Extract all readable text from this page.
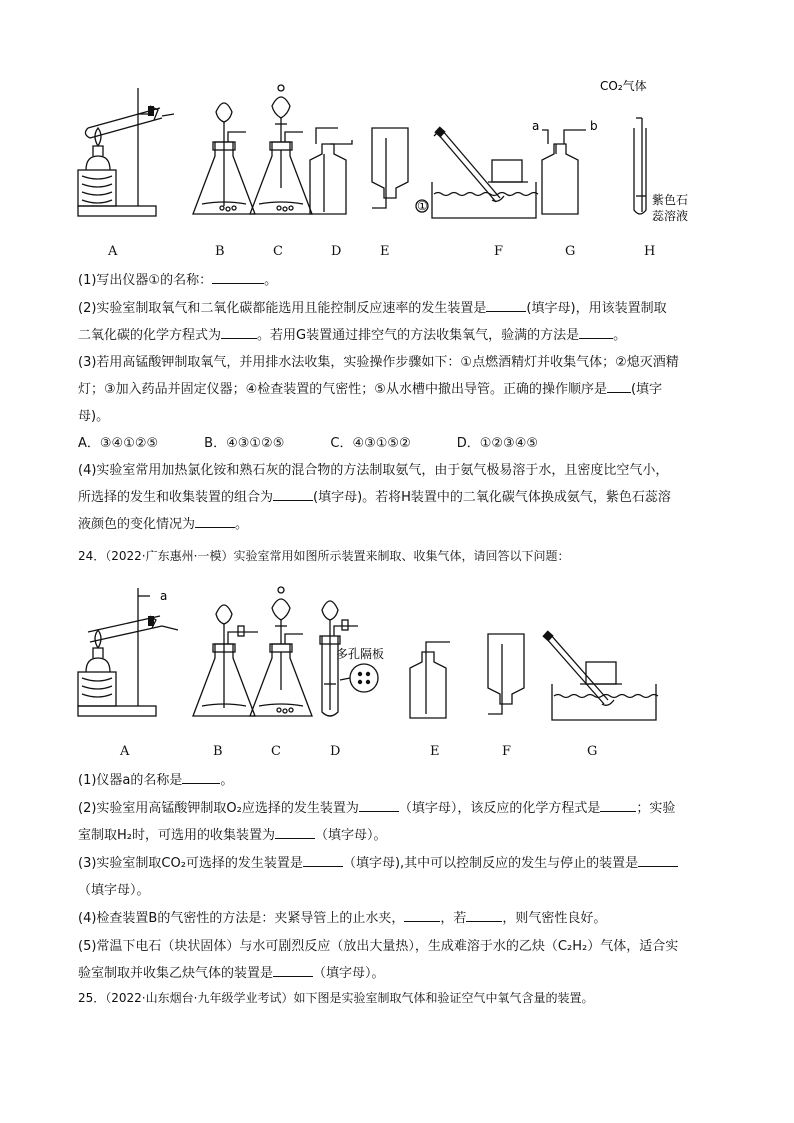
CO₂气体
a	b
紫色石
蕊溶液
①
A	B	C	D	E	F	G	H
(1)写出仪器①的名称：	。
(2)实验室制取氧气和二氧化碳都能选用且能控制反应速率的发生装置是	(填字母)，用该装置制取
二氧化碳的化学方程式为	。若用G装置通过排空气的方法收集氧气，验满的方法是	。
(3)若用高锰酸钾制取氧气，并用排水法收集，实验操作步骤如下：①点燃酒精灯并收集气体；②熄灭酒精
灯；③加入药品并固定仪器；④检查装置的气密性；⑤从水槽中撤出导管。正确的操作顺序是 (填字
母)。
A．③④①②⑤	B．④③①②⑤	C．④③①⑤②	D．①②③④⑤
(4)实验室常用加热氯化铵和熟石灰的混合物的方法制取氨气，由于氨气极易溶于水，且密度比空气小，
所选择的发生和收集装置的组合为	(填字母)。若将H装置中的二氧化碳气体换成氨气，紫色石蕊溶
液颜色的变化情况为	。
24．（2022·广东惠州·一模）实验室常用如图所示装置来制取、收集气体，请回答以下问题：
a
多孔隔板
A	B	C	D	E	F	G
(1)仪器a的名称是	。
(2)实验室用高锰酸钾制取O₂应选择的发生装置为	（填字母），该反应的化学方程式是	；实验
室制取H₂时，可选用的收集装置为	（填字母）。
(3)实验室制取CO₂可选择的发生装置是	（填字母),其中可以控制反应的发生与停止的装置是
（填字母）。
(4)检查装置B的气密性的方法是：夹紧导管上的止水夹，	，若	，则气密性良好。
(5)常温下电石（块状固体）与水可剧烈反应（放出大量热），生成难溶于水的乙炔（C₂H₂）气体，适合实
验室制取并收集乙炔气体的装置是	（填字母）。
25．（2022·山东烟台·九年级学业考试）如下图是实验室制取气体和验证空气中氧气含量的装置。
